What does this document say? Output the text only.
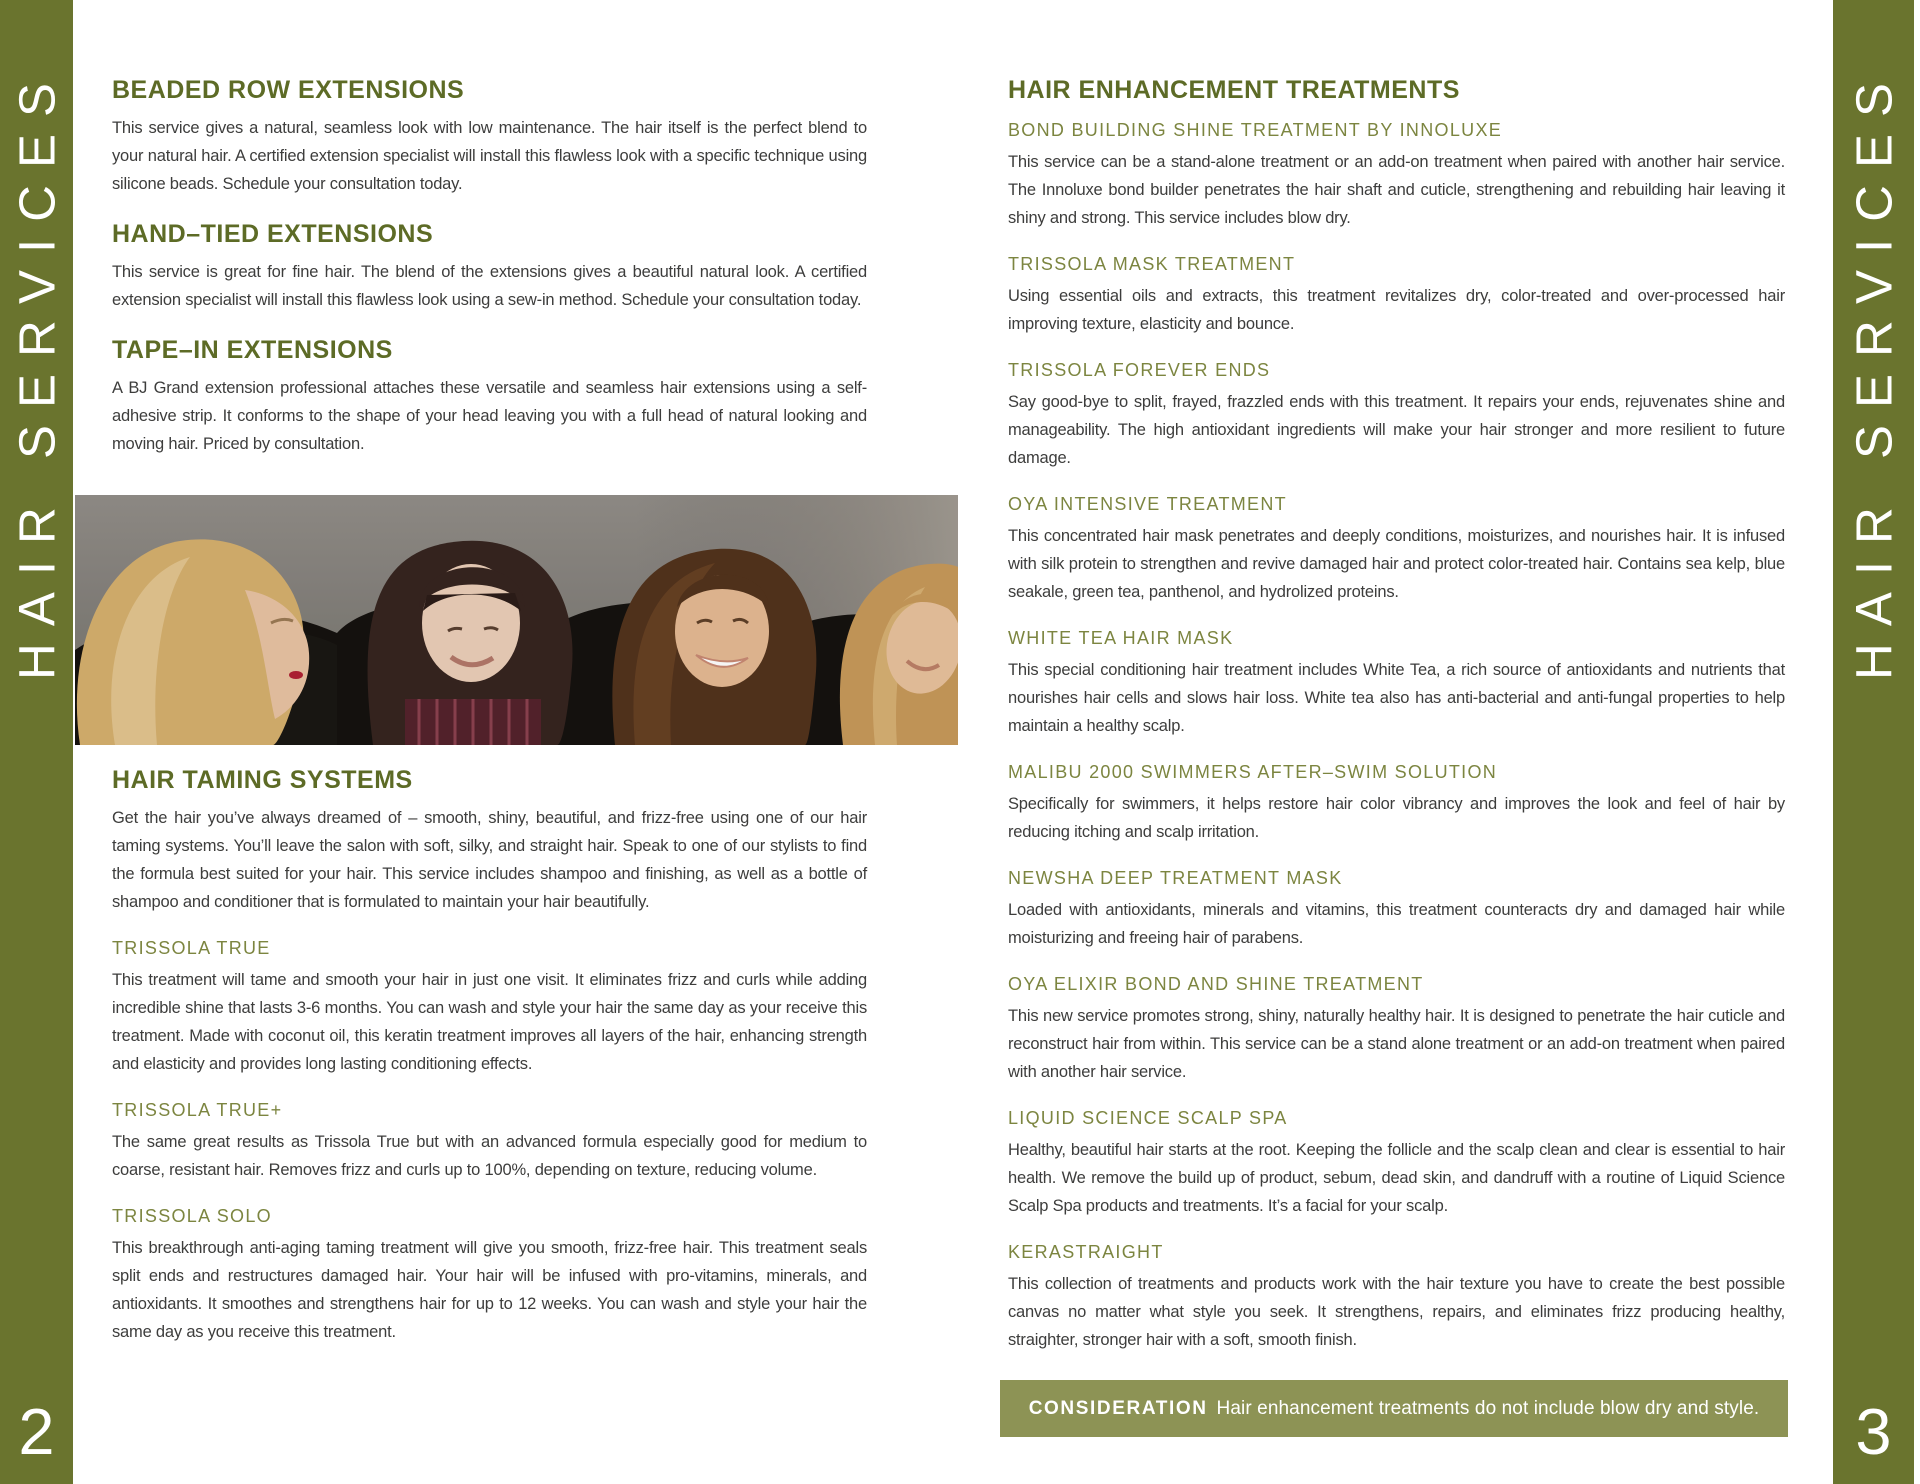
HAIR SERVICES
2
HAIR SERVICES
3
BEADED ROW EXTENSIONS

This service gives a natural, seamless look with low maintenance. The hair itself is the perfect blend to your natural hair. A certified extension specialist will install this flawless look with a specific technique using silicone beads. Schedule your consultation today.

HAND–TIED EXTENSIONS

This service is great for fine hair. The blend of the extensions gives a beautiful natural look. A certified extension specialist will install this flawless look using a sew-in method. Schedule your consultation today.

TAPE–IN EXTENSIONS

A BJ Grand extension professional attaches these versatile and seamless hair extensions using a self-adhesive strip. It conforms to the shape of your head leaving you with a full head of natural looking and moving hair. Priced by consultation.

HAIR TAMING SYSTEMS

Get the hair you’ve always dreamed of – smooth, shiny, beautiful, and frizz-free using one of our hair taming systems. You’ll leave the salon with soft, silky, and straight hair. Speak to one of our stylists to find the formula best suited for your hair. This service includes shampoo and finishing, as well as a bottle of shampoo and conditioner that is formulated to maintain your hair beautifully.

TRISSOLA TRUE

This treatment will tame and smooth your hair in just one visit. It eliminates frizz and curls while adding incredible shine that lasts 3-6 months. You can wash and style your hair the same day as your receive this treatment. Made with coconut oil, this keratin treatment improves all layers of the hair, enhancing strength and elasticity and provides long lasting conditioning effects.

TRISSOLA TRUE+

The same great results as Trissola True but with an advanced formula especially good for medium to coarse, resistant hair. Removes frizz and curls up to 100%, depending on texture, reducing volume.

TRISSOLA SOLO

This breakthrough anti-aging taming treatment will give you smooth, frizz-free hair. This treatment seals split ends and restructures damaged hair. Your hair will be infused with pro-vitamins, minerals, and antioxidants. It smoothes and strengthens hair for up to 12 weeks. You can wash and style your hair the same day as you receive this treatment.

HAIR ENHANCEMENT TREATMENTS
BOND BUILDING SHINE TREATMENT BY INNOLUXE

This service can be a stand-alone treatment or an add-on treatment when paired with another hair service. The Innoluxe bond builder penetrates the hair shaft and cuticle, strengthening and rebuilding hair leaving it shiny and strong. This service includes blow dry.

TRISSOLA MASK TREATMENT

Using essential oils and extracts, this treatment revitalizes dry, color-treated and over-processed hair improving texture, elasticity and bounce.

TRISSOLA FOREVER ENDS

Say good-bye to split, frayed, frazzled ends with this treatment. It repairs your ends, rejuvenates shine and manageability. The high antioxidant ingredients will make your hair stronger and more resilient to future damage.

OYA INTENSIVE TREATMENT

This concentrated hair mask penetrates and deeply conditions, moisturizes, and nourishes hair. It is infused with silk protein to strengthen and revive damaged hair and protect color-treated hair. Contains sea kelp, blue seakale, green tea, panthenol, and hydrolized proteins.

WHITE TEA HAIR MASK

This special conditioning hair treatment includes White Tea, a rich source of antioxidants and nutrients that nourishes hair cells and slows hair loss. White tea also has anti-bacterial and anti-fungal properties to help maintain a healthy scalp.

MALIBU 2000 SWIMMERS AFTER–SWIM SOLUTION

Specifically for swimmers, it helps restore hair color vibrancy and improves the look and feel of hair by reducing itching and scalp irritation.

NEWSHA DEEP TREATMENT MASK

Loaded with antioxidants, minerals and vitamins, this treatment counteracts dry and damaged hair while moisturizing and freeing hair of parabens.

OYA ELIXIR BOND AND SHINE TREATMENT

This new service promotes strong, shiny, naturally healthy hair. It is designed to penetrate the hair cuticle and reconstruct hair from within. This service can be a stand alone treatment or an add-on treatment when paired with another hair service.

LIQUID SCIENCE SCALP SPA

Healthy, beautiful hair starts at the root. Keeping the follicle and the scalp clean and clear is essential to hair health. We remove the build up of product, sebum, dead skin, and dandruff with a routine of Liquid Science Scalp Spa products and treatments. It’s a facial for your scalp.

KERASTRAIGHT

This collection of treatments and products work with the hair texture you have to create the best possible canvas no matter what style you seek. It strengthens, repairs, and eliminates frizz producing healthy, straighter, stronger hair with a soft, smooth finish.

CONSIDERATION Hair enhancement treatments do not include blow dry and style.
